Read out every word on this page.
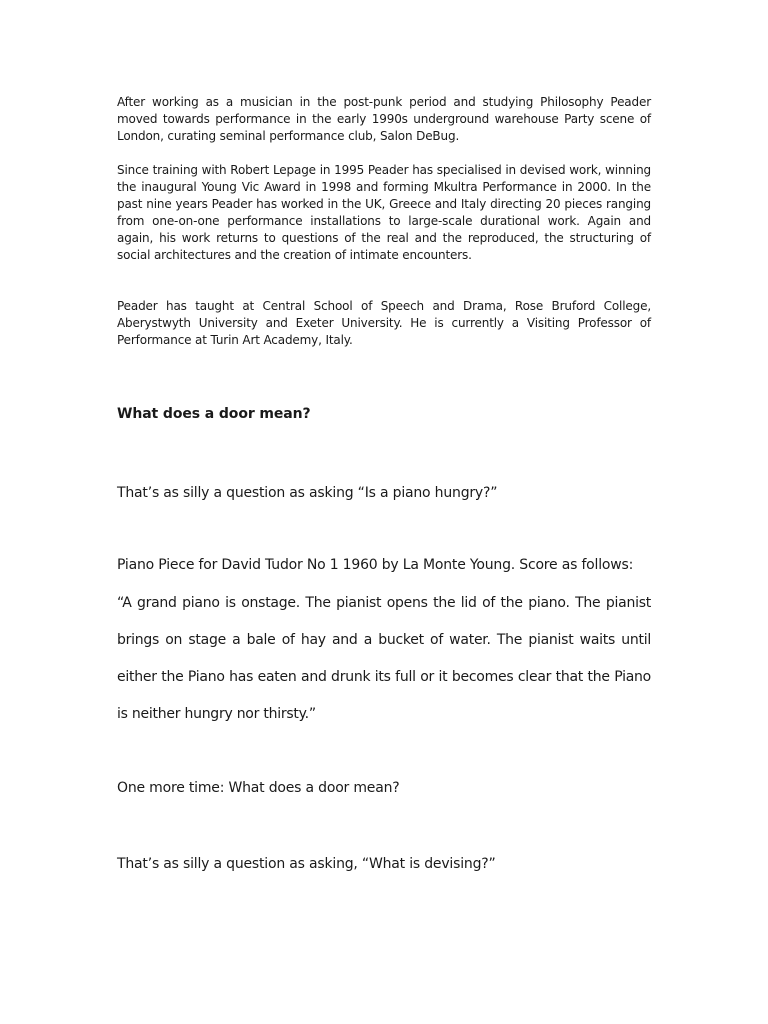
After working as a musician in the post-punk period and studying Philosophy Peader moved towards performance in the early 1990s underground warehouse Party scene of London, curating seminal performance club, Salon DeBug.

Since training with Robert Lepage in 1995 Peader has specialised in devised work, winning the inaugural Young Vic Award in 1998 and forming Mkultra Performance in 2000. In the past nine years Peader has worked in the UK, Greece and Italy directing 20 pieces ranging from one-on-one performance installations to large-scale durational work. Again and again, his work returns to questions of the real and the reproduced, the structuring of social architectures and the creation of intimate encounters.

Peader has taught at Central School of Speech and Drama, Rose Bruford College, Aberystwyth University and Exeter University. He is currently a Visiting Professor of Performance at Turin Art Academy, Italy.

What does a door mean?

That’s as silly a question as asking “Is a piano hungry?”

Piano Piece for David Tudor No 1 1960 by La Monte Young. Score as follows:

“A grand piano is onstage. The pianist opens the lid of the piano. The pianist brings on stage a bale of hay and a bucket of water. The pianist waits until either the Piano has eaten and drunk its full or it becomes clear that the Piano is neither hungry nor thirsty.”

One more time: What does a door mean?

That’s as silly a question as asking, “What is devising?”
